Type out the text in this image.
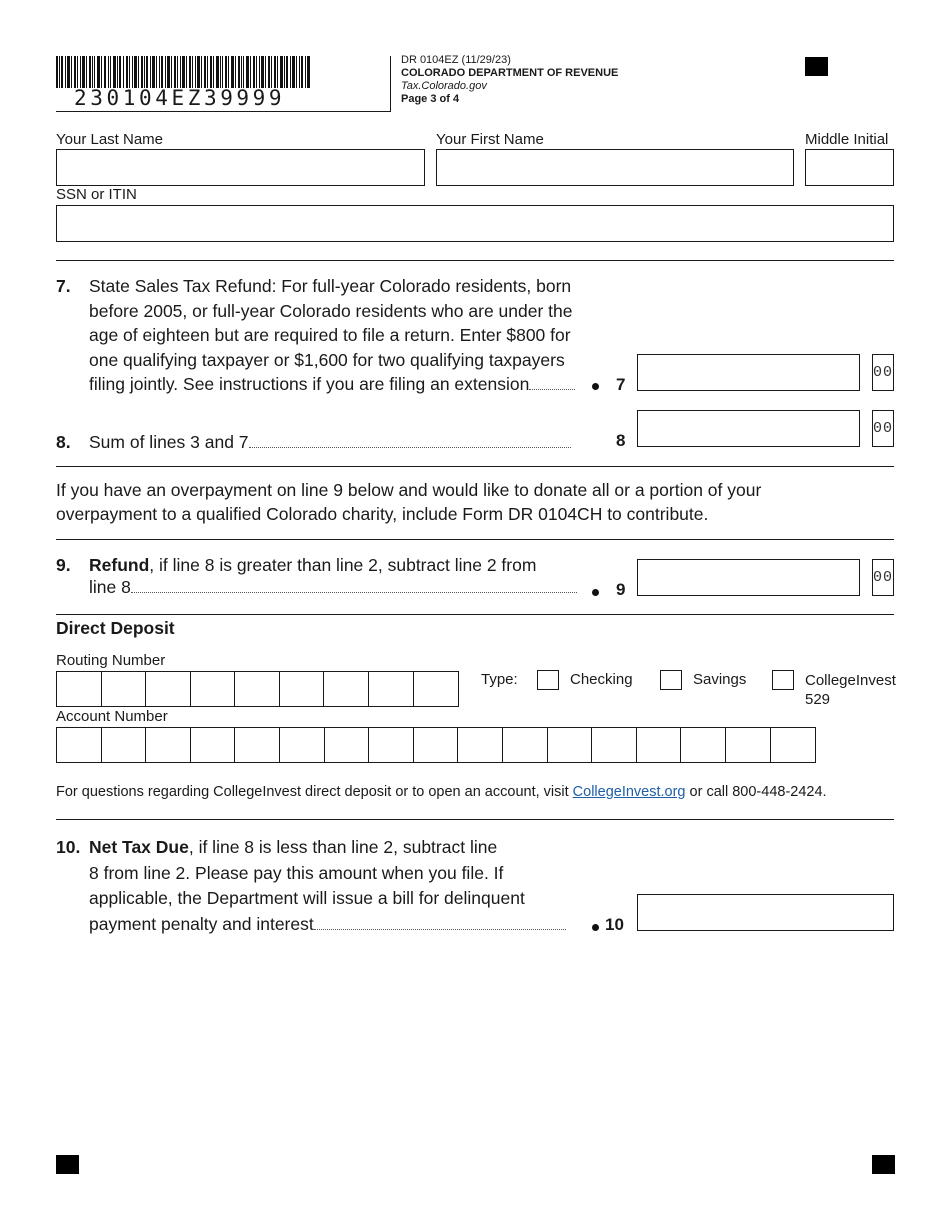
230104EZ39999
DR 0104EZ (11/29/23)
COLORADO DEPARTMENT OF REVENUE
Tax.Colorado.gov
Page 3 of 4
Your Last Name	Your First Name	Middle Initial
SSN or ITIN
7. State Sales Tax Refund: For full-year Colorado residents, born
before 2005, or full-year Colorado residents who are under the
age of eighteen but are required to file a return. Enter $800 for
one qualifying taxpayer or $1,600 for two qualifying taxpayers
filing jointly. See instructions if you are filing an extension	7
00
8. Sum of lines 3 and 7	8
00
If you have an overpayment on line 9 below and would like to donate all or a portion of your
overpayment to a qualified Colorado charity, include Form DR 0104CH to contribute.
9. Refund, if line 8 is greater than line 2, subtract line 2 from
line 8	9
00
Direct Deposit
Routing Number
Type:	Checking	Savings	CollegeInvest
529
Account Number
For questions regarding CollegeInvest direct deposit or to open an account, visit CollegeInvest.org or call 800-448-2424.
10. Net Tax Due, if line 8 is less than line 2, subtract line
8 from line 2. Please pay this amount when you file. If
applicable, the Department will issue a bill for delinquent
payment penalty and interest	10
